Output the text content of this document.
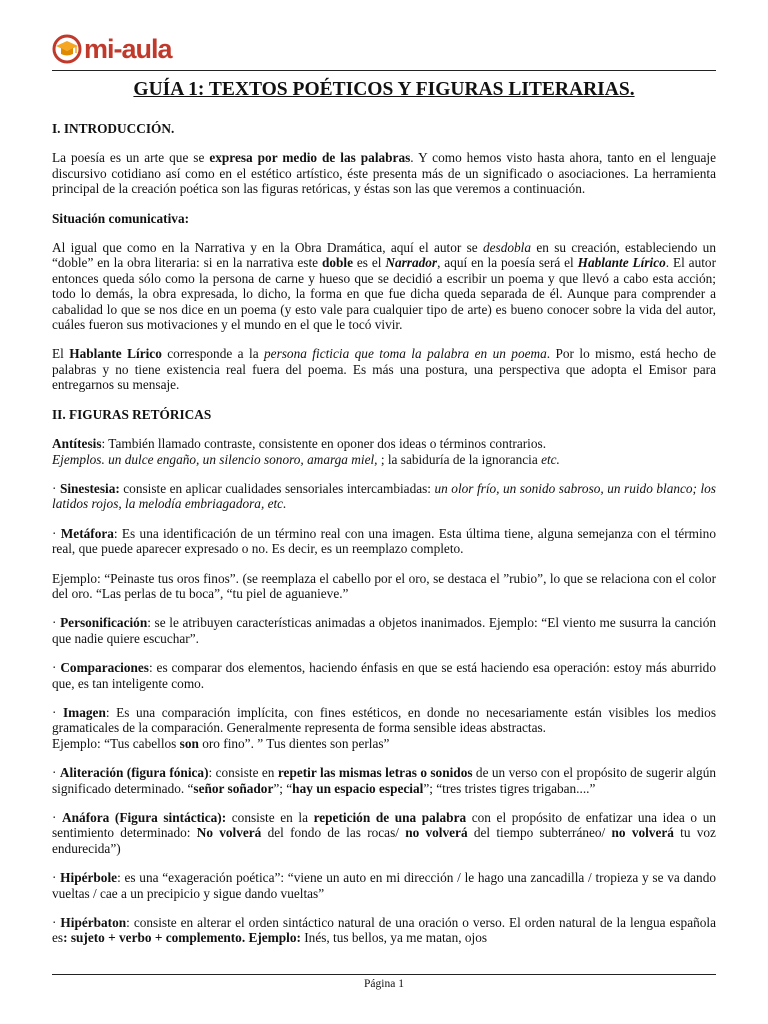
mi-aula
GUÍA 1: TEXTOS POÉTICOS Y FIGURAS LITERARIAS.

I. INTRODUCCIÓN.

La poesía es un arte que se expresa por medio de las palabras. Y como hemos visto hasta ahora, tanto en el lenguaje discursivo cotidiano así como en el estético artístico, éste presenta más de un significado o asociaciones. La herramienta principal de la creación poética son las figuras retóricas, y éstas son las que veremos a continuación.

Situación comunicativa:

Al igual que como en la Narrativa y en la Obra Dramática, aquí el autor se desdobla en su creación, estableciendo un “doble” en la obra literaria: si en la narrativa este doble es el Narrador, aquí en la poesía será el Hablante Lírico. El autor entonces queda sólo como la persona de carne y hueso que se decidió a escribir un poema y que llevó a cabo esta acción; todo lo demás, la obra expresada, lo dicho, la forma en que fue dicha queda separada de él. Aunque para comprender a cabalidad lo que se nos dice en un poema (y esto vale para cualquier tipo de arte) es bueno conocer sobre la vida del autor, cuáles fueron sus motivaciones y el mundo en el que le tocó vivir.

El Hablante Lírico corresponde a la persona ficticia que toma la palabra en un poema. Por lo mismo, está hecho de palabras y no tiene existencia real fuera del poema. Es más una postura, una perspectiva que adopta el Emisor para entregarnos su mensaje.

II. FIGURAS RETÓRICAS

Antítesis: También llamado contraste, consistente en oponer dos ideas o términos contrarios.
Ejemplos. un dulce engaño, un silencio sonoro, amarga miel, ; la sabiduría de la ignorancia etc.

· Sinestesia: consiste en aplicar cualidades sensoriales intercambiadas: un olor frío, un sonido sabroso, un ruido blanco; los latidos rojos, la melodía embriagadora, etc.

· Metáfora: Es una identificación de un término real con una imagen. Esta última tiene, alguna semejanza con el término real, que puede aparecer expresado o no. Es decir, es un reemplazo completo.

Ejemplo: “Peinaste tus oros finos”. (se reemplaza el cabello por el oro, se destaca el ”rubio”, lo que se relaciona con el color del oro. “Las perlas de tu boca”, “tu piel de aguanieve.”

· Personificación: se le atribuyen características animadas a objetos inanimados. Ejemplo: “El viento me susurra la canción que nadie quiere escuchar”.

· Comparaciones: es comparar dos elementos, haciendo énfasis en que se está haciendo esa operación: estoy más aburrido que, es tan inteligente como.

· Imagen: Es una comparación implícita, con fines estéticos, en donde no necesariamente están visibles los medios gramaticales de la comparación. Generalmente representa de forma sensible ideas abstractas.
Ejemplo: “Tus cabellos son oro fino”. ” Tus dientes son perlas”

· Aliteración (figura fónica): consiste en repetir las mismas letras o sonidos de un verso con el propósito de sugerir algún significado determinado. “señor soñador”; “hay un espacio especial”; “tres tristes tigres trigaban....”

· Anáfora (Figura sintáctica): consiste en la repetición de una palabra con el propósito de enfatizar una idea o un sentimiento determinado: No volverá del fondo de las rocas/ no volverá del tiempo subterráneo/ no volverá tu voz endurecida”)

· Hipérbole: es una “exageración poética”: “viene un auto en mi dirección / le hago una zancadilla / tropieza y se va dando vueltas / cae a un precipicio y sigue dando vueltas”

· Hipérbaton: consiste en alterar el orden sintáctico natural de una oración o verso. El orden natural de la lengua española es: sujeto + verbo + complemento. Ejemplo: Inés, tus bellos, ya me matan, ojos

Página 1
